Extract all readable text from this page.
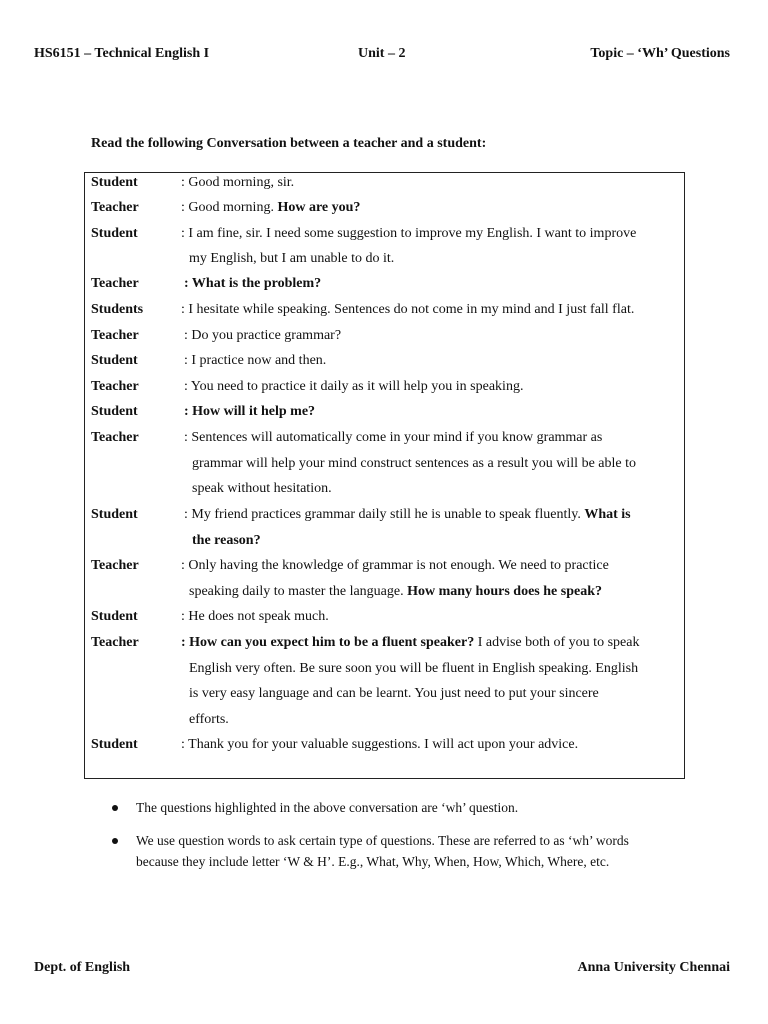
HS6151 – Technical English I	Unit – 2	Topic – ‘Wh’ Questions
Read the following Conversation between a teacher and a student:
Student	: Good morning, sir.
Teacher	: Good morning. How are you?
Student	: I am fine, sir. I need some suggestion to improve my English. I want to improve
my English, but I am unable to do it.
Teacher	: What is the problem?
Students	: I hesitate while speaking. Sentences do not come in my mind and I just fall flat.
Teacher	: Do you practice grammar?
Student	: I practice now and then.
Teacher	: You need to practice it daily as it will help you in speaking.
Student	: How will it help me?
Teacher	: Sentences will automatically come in your mind if you know grammar as
grammar will help your mind construct sentences as a result you will be able to
speak without hesitation.
Student	: My friend practices grammar daily still he is unable to speak fluently. What is
the reason?
Teacher	: Only having the knowledge of grammar is not enough. We need to practice
speaking daily to master the language. How many hours does he speak?
Student	: He does not speak much.
Teacher	: How can you expect him to be a fluent speaker? I advise both of you to speak
English very often. Be sure soon you will be fluent in English speaking. English
is very easy language and can be learnt. You just need to put your sincere
efforts.
Student	: Thank you for your valuable suggestions. I will act upon your advice.
The questions highlighted in the above conversation are ‘wh’ question.
We use question words to ask certain type of questions. These are referred to as ‘wh’ words because they include letter ‘W & H’. E.g., What, Why, When, How, Which, Where, etc.
Dept. of English	Anna University Chennai
